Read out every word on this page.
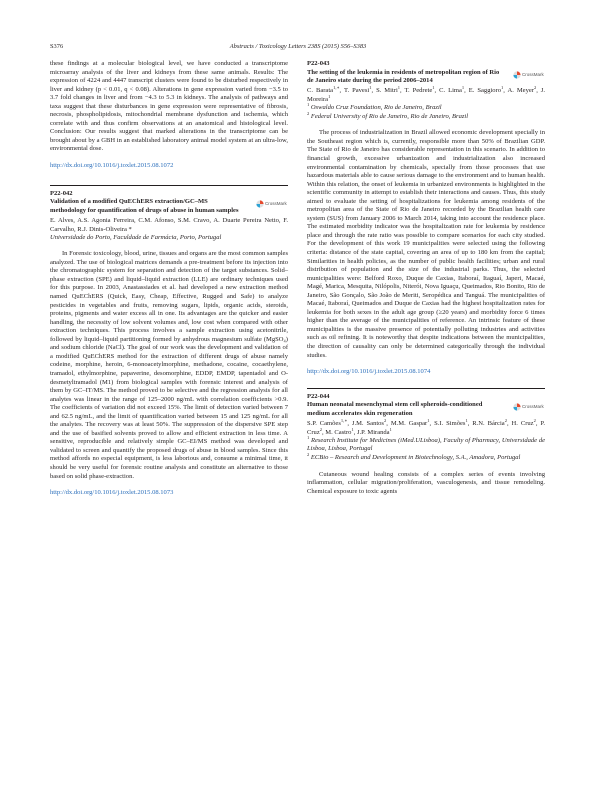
S376	Abstracts / Toxicology Letters 238S (2015) S56–S383

these findings at a molecular biological level, we have conducted a transcriptome microarray analysis of the liver and kidneys from these same animals. Results: The expression of 4224 and 4447 transcript clusters were found to be disturbed respectively in liver and kidney (p < 0.01, q < 0.08). Alterations in gene expression varied from −3.5 to 3.7 fold changes in liver and from −4.3 to 5.3 in kidneys. The analysis of pathways and taxa suggest that these disturbances in gene expression were representative of fibrosis, necrosis, phospholipidosis, mitochondrial membrane dysfunction and ischemia, which correlate with and thus confirm observations at an anatomical and histological level. Conclusion: Our results suggest that marked alterations in the transcriptome can be brought about by a GBH in an established laboratory animal model system at an ultra-low, environmental dose.

http://dx.doi.org/10.1016/j.toxlet.2015.08.1072

P22-042
Validation of a modified QuEChERS extraction/GC–MS methodology for quantification of drugs of abuse in human samples
CrossMark

E. Alves, A.S. Agonia Ferreira, C.M. Afonso, S.M. Cravo, A. Duarte Pereira Netto, F. Carvalho, R.J. Dinis-Oliveira *

Universidade do Porto, Faculdade de Farmácia, Porto, Portugal

In Forensic toxicology, blood, urine, tissues and organs are the most common samples analyzed. The use of biological matrices demands a pre-treatment before its injection into the chromatographic system for separation and detection of the target substances. Solid–phase extraction (SPE) and liquid–liquid extraction (LLE) are ordinary techniques used for this purpose. In 2003, Anastassiades et al. had developed a new extraction method named QuEChERS (Quick, Easy, Cheap, Effective, Rugged and Safe) to analyze pesticides in vegetables and fruits, removing sugars, lipids, organic acids, steroids, proteins, pigments and water excess all in one. Its advantages are the quicker and easier handling, the necessity of low solvent volumes and, low cost when compared with other extraction techniques. This process involves a sample extraction using acetonitrile, followed by liquid–liquid partitioning formed by anhydrous magnesium sulfate (MgSO₄) and sodium chloride (NaCl). The goal of our work was the development and validation of a modified QuEChERS method for the extraction of different drugs of abuse namely codeine, morphine, heroin, 6-monoacetylmorphine, methadone, cocaine, cocaethylene, tramadol, ethylmorphine, papaverine, desomorphine, EDDP, EMDP, tapentadol and O-desmetyltramadol (M1) from biological samples with forensic interest and analysis of them by GC–IT/MS. The method proved to be selective and the regression analysis for all analytes was linear in the range of 125–2000 ng/mL with correlation coefficients >0.9. The coefficients of variation did not exceed 15%. The limit of detection varied between 7 and 62.5 ng/mL, and the limit of quantification varied between 15 and 125 ng/mL for all the analytes. The recovery was at least 50%. The suppression of the dispersive SPE step and the use of basified solvents proved to allow and efficient extraction in less time. A sensitive, reproducible and relatively simple GC–EI/MS method was developed and validated to screen and quantify the proposed drugs of abuse in blood samples. Since this method affords no especial equipment, is less laborious and, consume a minimal time, it should be very useful for forensic routine analysis and constitute an alternative to those based on solid phase-extraction.

http://dx.doi.org/10.1016/j.toxlet.2015.08.1073

P22-043
The setting of the leukemia in residents of metropolitan region of Rio de Janeiro state during the period 2006–2014
CrossMark

C. Barata$^{1,∗}$, T. Pavesi$^1$, S. Mitri$^1$, T. Pedrete$^1$, C. Lima$^1$, E. Saggioro$^1$, A. Meyer$^2$, J. Moreira$^1$

$^1$ Oswaldo Cruz Foundation, Rio de Janeiro, Brazil

$^2$ Federal University of Rio de Janeiro, Rio de Janeiro, Brazil

The process of industrialization in Brazil allowed economic development specially in the Southeast region which is, currently, responsible more than 50% of Brazilian GDP. The State of Rio de Janeiro has considerable representation in this scenario. In addition to financial growth, excessive urbanization and industrialization also increased environmental contamination by chemicals, specially from those processes that use hazardous materials able to cause serious damage to the environment and to human health. Within this relation, the onset of leukemia in urbanized environments is highlighted in the scientific community in attempt to establish their interactions and causes. Thus, this study aimed to evaluate the setting of hospitalizations for leukemia among residents of the metropolitan area of the State of Rio de Janeiro recorded by the Brazilian health care system (SUS) from January 2006 to March 2014, taking into account the residence place. The estimated morbidity indicator was the hospitalization rate for leukemia by residence place and through the rate ratio was possible to compare scenarios for each city studied. For the development of this work 19 municipalities were selected using the following criteria: distance of the state capital, covering an area of up to 180 km from the capital; Similarities in health policies, as the number of public health facilities; urban and rural distribution of population and the size of the industrial parks. Thus, the selected municipalities were: Belford Roxo, Duque de Caxias, Itaboraí, Itaguaí, Japeri, Macaé, Magé, Marica, Mesquita, Nilópolis, Niterói, Nova Iguaçu, Queimados, Rio Bonito, Rio de Janeiro, São Gonçalo, São João de Meriti, Seropédica and Tanguá. The municipalities of Macaé, Itaboraí, Queimados and Duque de Caxias had the highest hospitalization rates for leukemia for both sexes in the adult age group (≥20 years) and morbidity force 6 times higher than the average of the municipalities of reference. An intrinsic feature of these municipalities is the massive presence of potentially polluting industries and activities such as oil refining. It is noteworthy that despite indications between the municipalities, the direction of causality can only be determined categorically through the individual studies.

http://dx.doi.org/10.1016/j.toxlet.2015.08.1074

P22-044
Human neonatal mesenchymal stem cell spheroids-conditioned medium accelerates skin regeneration
CrossMark

S.P. Camões$^{1,∗}$, J.M. Santos$^2$, M.M. Gaspar$^1$, S.I. Simões$^1$, R.N. Bárcia$^2$, H. Cruz$^2$, P. Cruz$^2$, M. Castro$^1$, J.P. Miranda$^1$

$^1$ Research Institute for Medicines (iMed.ULisboa), Faculty of Pharmacy, Universidade de Lisboa, Lisboa, Portugal

$^2$ ECBio – Research and Development in Biotechnology, S.A., Amadora, Portugal

Cutaneous wound healing consists of a complex series of events involving inflammation, cellular migration/proliferation, vasculogenesis, and tissue remodeling. Chemical exposure to toxic agents
